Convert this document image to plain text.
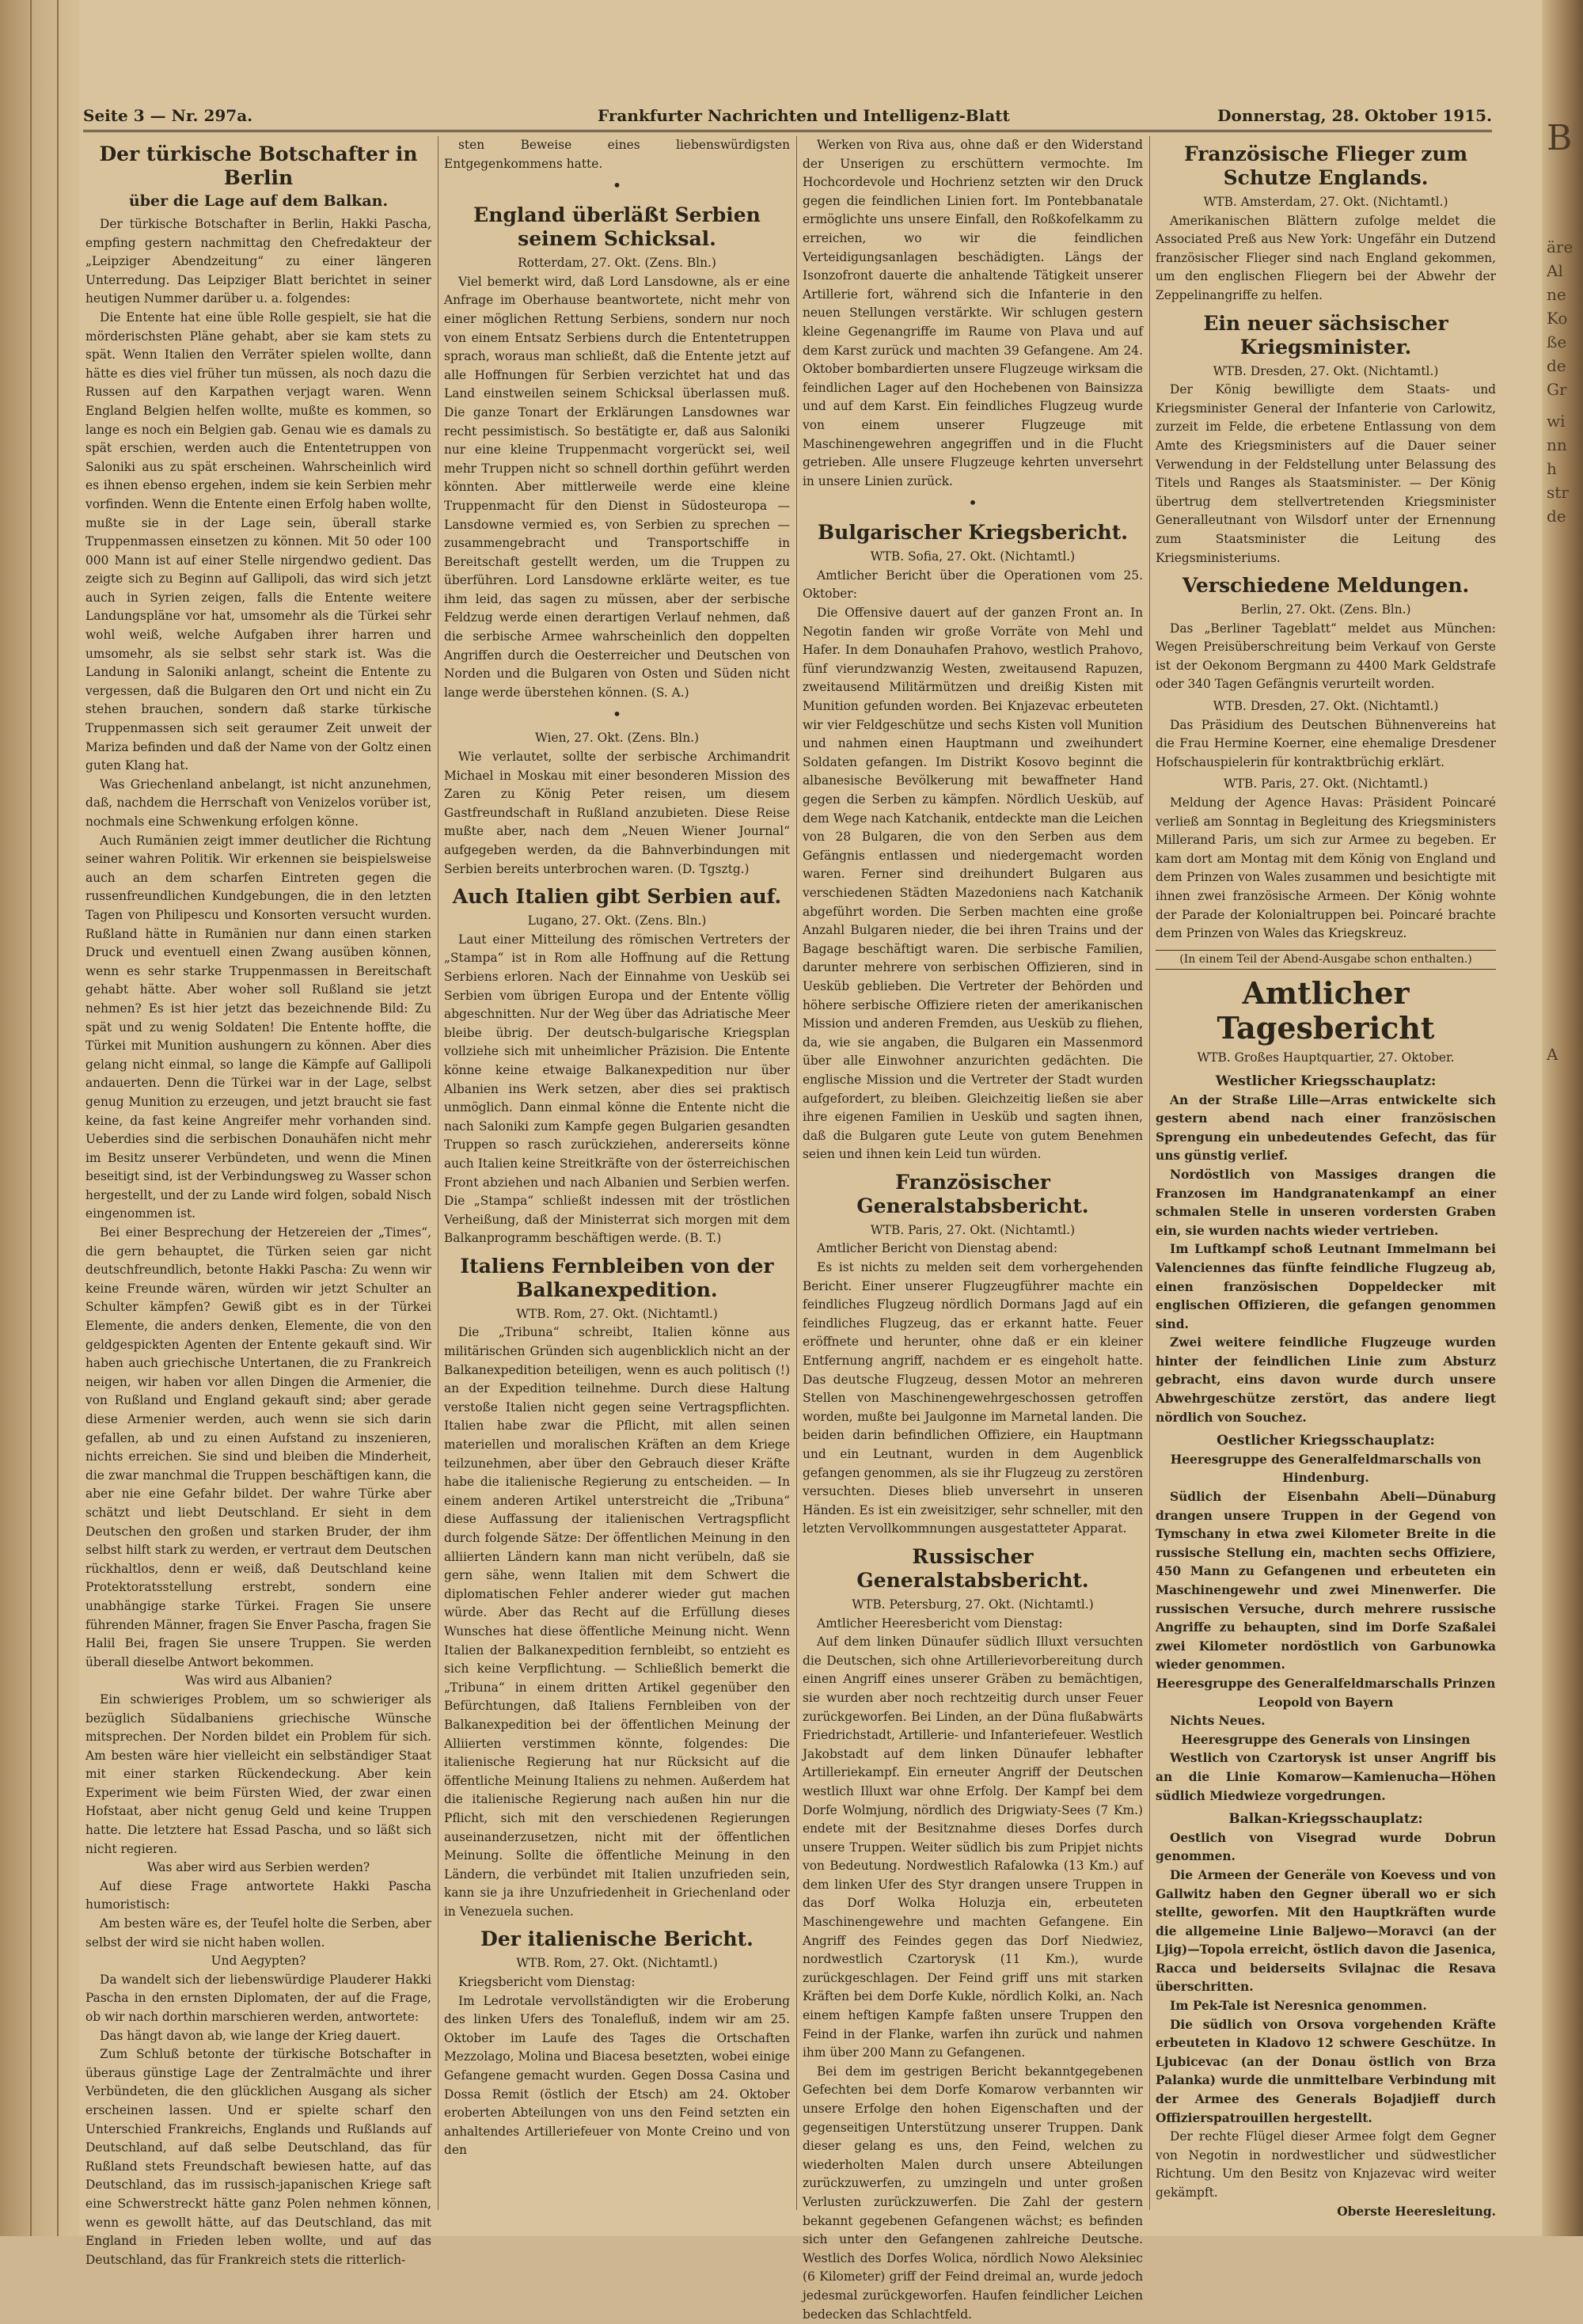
B
äre
Al
ne
Ko
ße
de
Gr
wi
nn
h
str
de
A
Seite 3 — Nr. 297a.	Frankfurter Nachrichten und Intelligenz-Blatt	Donnerstag, 28. Oktober 1915.
Der türkische Botschafter in Berlin
über die Lage auf dem Balkan.

Der türkische Botschafter in Berlin, Hakki Pascha, empfing gestern nachmittag den Chefredakteur der „Leipziger Abendzeitung“ zu einer längeren Unterredung. Das Leipziger Blatt berichtet in seiner heutigen Nummer darüber u. a. folgendes:

Die Entente hat eine üble Rolle gespielt, sie hat die mörderischsten Pläne gehabt, aber sie kam stets zu spät. Wenn Italien den Verräter spielen wollte, dann hätte es dies viel früher tun müssen, als noch dazu die Russen auf den Karpathen verjagt waren. Wenn England Belgien helfen wollte, mußte es kommen, so lange es noch ein Belgien gab. Genau wie es damals zu spät erschien, werden auch die Ententetruppen von Saloniki aus zu spät erscheinen. Wahrscheinlich wird es ihnen ebenso ergehen, indem sie kein Serbien mehr vorfinden. Wenn die Entente einen Erfolg haben wollte, mußte sie in der Lage sein, überall starke Truppenmassen einsetzen zu können. Mit 50 oder 100 000 Mann ist auf einer Stelle nirgendwo gedient. Das zeigte sich zu Beginn auf Gallipoli, das wird sich jetzt auch in Syrien zeigen, falls die Entente weitere Landungspläne vor hat, umsomehr als die Türkei sehr wohl weiß, welche Aufgaben ihrer harren und umsomehr, als sie selbst sehr stark ist. Was die Landung in Saloniki anlangt, scheint die Entente zu vergessen, daß die Bulgaren den Ort und nicht ein Zu stehen brauchen, sondern daß starke türkische Truppenmassen sich seit geraumer Zeit unweit der Mariza befinden und daß der Name von der Goltz einen guten Klang hat.

Was Griechenland anbelangt, ist nicht anzunehmen, daß, nachdem die Herrschaft von Venizelos vorüber ist, nochmals eine Schwenkung erfolgen könne.

Auch Rumänien zeigt immer deutlicher die Richtung seiner wahren Politik. Wir erkennen sie beispielsweise auch an dem scharfen Eintreten gegen die russenfreundlichen Kundgebungen, die in den letzten Tagen von Philipescu und Konsorten versucht wurden. Rußland hätte in Rumänien nur dann einen starken Druck und eventuell einen Zwang ausüben können, wenn es sehr starke Truppenmassen in Bereitschaft gehabt hätte. Aber woher soll Rußland sie jetzt nehmen? Es ist hier jetzt das bezeichnende Bild: Zu spät und zu wenig Soldaten! Die Entente hoffte, die Türkei mit Munition aushungern zu können. Aber dies gelang nicht einmal, so lange die Kämpfe auf Gallipoli andauerten. Denn die Türkei war in der Lage, selbst genug Munition zu erzeugen, und jetzt braucht sie fast keine, da fast keine Angreifer mehr vorhanden sind. Ueberdies sind die serbischen Donauhäfen nicht mehr im Besitz unserer Verbündeten, und wenn die Minen beseitigt sind, ist der Verbindungsweg zu Wasser schon hergestellt, und der zu Lande wird folgen, sobald Nisch eingenommen ist.

Bei einer Besprechung der Hetzereien der „Times“, die gern behauptet, die Türken seien gar nicht deutschfreundlich, betonte Hakki Pascha: Zu wenn wir keine Freunde wären, würden wir jetzt Schulter an Schulter kämpfen? Gewiß gibt es in der Türkei Elemente, die anders denken, Elemente, die von den geldgespickten Agenten der Entente gekauft sind. Wir haben auch griechische Untertanen, die zu Frankreich neigen, wir haben vor allen Dingen die Armenier, die von Rußland und England gekauft sind; aber gerade diese Armenier werden, auch wenn sie sich darin gefallen, ab und zu einen Aufstand zu inszenieren, nichts erreichen. Sie sind und bleiben die Minderheit, die zwar manchmal die Truppen beschäftigen kann, die aber nie eine Gefahr bildet. Der wahre Türke aber schätzt und liebt Deutschland. Er sieht in dem Deutschen den großen und starken Bruder, der ihm selbst hilft stark zu werden, er vertraut dem Deutschen rückhaltlos, denn er weiß, daß Deutschland keine Protektoratsstellung erstrebt, sondern eine unabhängige starke Türkei. Fragen Sie unsere führenden Männer, fragen Sie Enver Pascha, fragen Sie Halil Bei, fragen Sie unsere Truppen. Sie werden überall dieselbe Antwort bekommen.

Was wird aus Albanien?

Ein schwieriges Problem, um so schwieriger als bezüglich Südalbaniens griechische Wünsche mitsprechen. Der Norden bildet ein Problem für sich. Am besten wäre hier vielleicht ein selbständiger Staat mit einer starken Rückendeckung. Aber kein Experiment wie beim Fürsten Wied, der zwar einen Hofstaat, aber nicht genug Geld und keine Truppen hatte. Die letztere hat Essad Pascha, und so läßt sich nicht regieren.

Was aber wird aus Serbien werden?

Auf diese Frage antwortete Hakki Pascha humoristisch:

Am besten wäre es, der Teufel holte die Serben, aber selbst der wird sie nicht haben wollen.

Und Aegypten?

Da wandelt sich der liebenswürdige Plauderer Hakki Pascha in den ernsten Diplomaten, der auf die Frage, ob wir nach dorthin marschieren werden, antwortete:

Das hängt davon ab, wie lange der Krieg dauert.

Zum Schluß betonte der türkische Botschafter in überaus günstige Lage der Zentralmächte und ihrer Verbündeten, die den glücklichen Ausgang als sicher erscheinen lassen. Und er spielte scharf den Unterschied Frankreichs, Englands und Rußlands auf Deutschland, auf daß selbe Deutschland, das für Rußland stets Freundschaft bewiesen hatte, auf das Deutschland, das im russisch-japanischen Kriege saft eine Schwerstreckt hätte ganz Polen nehmen können, wenn es gewollt hätte, auf das Deutschland, das mit England in Frieden leben wollte, und auf das Deutschland, das für Frankreich stets die ritterlich-

sten Beweise eines liebenswürdigsten Entgegenkommens hatte.

•
England überläßt Serbien seinem Schicksal.

Rotterdam, 27. Okt. (Zens. Bln.)

Viel bemerkt wird, daß Lord Lansdowne, als er eine Anfrage im Oberhause beantwortete, nicht mehr von einer möglichen Rettung Serbiens, sondern nur noch von einem Entsatz Serbiens durch die Ententetruppen sprach, woraus man schließt, daß die Entente jetzt auf alle Hoffnungen für Serbien verzichtet hat und das Land einstweilen seinem Schicksal überlassen muß. Die ganze Tonart der Erklärungen Lansdownes war recht pessimistisch. So bestätigte er, daß aus Saloniki nur eine kleine Truppenmacht vorgerückt sei, weil mehr Truppen nicht so schnell dorthin geführt werden könnten. Aber mittlerweile werde eine kleine Truppenmacht für den Dienst in Südosteuropa — Lansdowne vermied es, von Serbien zu sprechen — zusammengebracht und Transportschiffe in Bereitschaft gestellt werden, um die Truppen zu überführen. Lord Lansdowne erklärte weiter, es tue ihm leid, das sagen zu müssen, aber der serbische Feldzug werde einen derartigen Verlauf nehmen, daß die serbische Armee wahrscheinlich den doppelten Angriffen durch die Oesterreicher und Deutschen von Norden und die Bulgaren von Osten und Süden nicht lange werde überstehen können. (S. A.)

•

Wien, 27. Okt. (Zens. Bln.)

Wie verlautet, sollte der serbische Archimandrit Michael in Moskau mit einer besonderen Mission des Zaren zu König Peter reisen, um diesem Gastfreundschaft in Rußland anzubieten. Diese Reise mußte aber, nach dem „Neuen Wiener Journal“ aufgegeben werden, da die Bahnverbindungen mit Serbien bereits unterbrochen waren. (D. Tgsztg.)

Auch Italien gibt Serbien auf.

Lugano, 27. Okt. (Zens. Bln.)

Laut einer Mitteilung des römischen Vertreters der „Stampa“ ist in Rom alle Hoffnung auf die Rettung Serbiens erloren. Nach der Einnahme von Uesküb sei Serbien vom übrigen Europa und der Entente völlig abgeschnitten. Nur der Weg über das Adriatische Meer bleibe übrig. Der deutsch-bulgarische Kriegsplan vollziehe sich mit unheimlicher Präzision. Die Entente könne keine etwaige Balkanexpedition nur über Albanien ins Werk setzen, aber dies sei praktisch unmöglich. Dann einmal könne die Entente nicht die nach Saloniki zum Kampfe gegen Bulgarien gesandten Truppen so rasch zurückziehen, andererseits könne auch Italien keine Streitkräfte von der österreichischen Front abziehen und nach Albanien und Serbien werfen. Die „Stampa“ schließt indessen mit der tröstlichen Verheißung, daß der Ministerrat sich morgen mit dem Balkanprogramm beschäftigen werde. (B. T.)

Italiens Fernbleiben von der Balkanexpedition.

WTB. Rom, 27. Okt. (Nichtamtl.)

Die „Tribuna“ schreibt, Italien könne aus militärischen Gründen sich augenblicklich nicht an der Balkanexpedition beteiligen, wenn es auch politisch (!) an der Expedition teilnehme. Durch diese Haltung verstoße Italien nicht gegen seine Vertragspflichten. Italien habe zwar die Pflicht, mit allen seinen materiellen und moralischen Kräften an dem Kriege teilzunehmen, aber über den Gebrauch dieser Kräfte habe die italienische Regierung zu entscheiden. — In einem anderen Artikel unterstreicht die „Tribuna“ diese Auffassung der italienischen Vertragspflicht durch folgende Sätze: Der öffentlichen Meinung in den alliierten Ländern kann man nicht verübeln, daß sie gern sähe, wenn Italien mit dem Schwert die diplomatischen Fehler anderer wieder gut machen würde. Aber das Recht auf die Erfüllung dieses Wunsches hat diese öffentliche Meinung nicht. Wenn Italien der Balkanexpedition fernbleibt, so entzieht es sich keine Verpflichtung. — Schließlich bemerkt die „Tribuna“ in einem dritten Artikel gegenüber den Befürchtungen, daß Italiens Fernbleiben von der Balkanexpedition bei der öffentlichen Meinung der Alliierten verstimmen könnte, folgendes: Die italienische Regierung hat nur Rücksicht auf die öffentliche Meinung Italiens zu nehmen. Außerdem hat die italienische Regierung nach außen hin nur die Pflicht, sich mit den verschiedenen Regierungen auseinanderzusetzen, nicht mit der öffentlichen Meinung. Sollte die öffentliche Meinung in den Ländern, die verbündet mit Italien unzufrieden sein, kann sie ja ihre Unzufriedenheit in Griechenland oder in Venezuela suchen.

Der italienische Bericht.

WTB. Rom, 27. Okt. (Nichtamtl.)

Kriegsbericht vom Dienstag:

Im Ledrotale vervollständigten wir die Eroberung des linken Ufers des Tonalefluß, indem wir am 25. Oktober im Laufe des Tages die Ortschaften Mezzolago, Molina und Biacesa besetzten, wobei einige Gefangene gemacht wurden. Gegen Dossa Casina und Dossa Remit (östlich der Etsch) am 24. Oktober eroberten Abteilungen von uns den Feind setzten ein anhaltendes Artilleriefeuer von Monte Creino und von den

Werken von Riva aus, ohne daß er den Widerstand der Unserigen zu erschüttern vermochte. Im Hochcordevole und Hochrienz setzten wir den Druck gegen die feindlichen Linien fort. Im Pontebbanatale ermöglichte uns unsere Einfall, den Roßkofelkamm zu erreichen, wo wir die feindlichen Verteidigungsanlagen beschädigten. Längs der Isonzofront dauerte die anhaltende Tätigkeit unserer Artillerie fort, während sich die Infanterie in den neuen Stellungen verstärkte. Wir schlugen gestern kleine Gegenangriffe im Raume von Plava und auf dem Karst zurück und machten 39 Gefangene. Am 24. Oktober bombardierten unsere Flugzeuge wirksam die feindlichen Lager auf den Hochebenen von Bainsizza und auf dem Karst. Ein feindliches Flugzeug wurde von einem unserer Flugzeuge mit Maschinengewehren angegriffen und in die Flucht getrieben. Alle unsere Flugzeuge kehrten unversehrt in unsere Linien zurück.

•
Bulgarischer Kriegsbericht.

WTB. Sofia, 27. Okt. (Nichtamtl.)

Amtlicher Bericht über die Operationen vom 25. Oktober:

Die Offensive dauert auf der ganzen Front an. In Negotin fanden wir große Vorräte von Mehl und Hafer. In dem Donauhafen Prahovo, westlich Prahovo, fünf vierundzwanzig Westen, zweitausend Rapuzen, zweitausend Militärmützen und dreißig Kisten mit Munition gefunden worden. Bei Knjazevac erbeuteten wir vier Feldgeschütze und sechs Kisten voll Munition und nahmen einen Hauptmann und zweihundert Soldaten gefangen. Im Distrikt Kosovo beginnt die albanesische Bevölkerung mit bewaffneter Hand gegen die Serben zu kämpfen. Nördlich Uesküb, auf dem Wege nach Katchanik, entdeckte man die Leichen von 28 Bulgaren, die von den Serben aus dem Gefängnis entlassen und niedergemacht worden waren. Ferner sind dreihundert Bulgaren aus verschiedenen Städten Mazedoniens nach Katchanik abgeführt worden. Die Serben machten eine große Anzahl Bulgaren nieder, die bei ihren Trains und der Bagage beschäftigt waren. Die serbische Familien, darunter mehrere von serbischen Offizieren, sind in Uesküb geblieben. Die Vertreter der Behörden und höhere serbische Offiziere rieten der amerikanischen Mission und anderen Fremden, aus Uesküb zu fliehen, da, wie sie angaben, die Bulgaren ein Massenmord über alle Einwohner anzurichten gedächten. Die englische Mission und die Vertreter der Stadt wurden aufgefordert, zu bleiben. Gleichzeitig ließen sie aber ihre eigenen Familien in Uesküb und sagten ihnen, daß die Bulgaren gute Leute von gutem Benehmen seien und ihnen kein Leid tun würden.

Französischer Generalstabsbericht.

WTB. Paris, 27. Okt. (Nichtamtl.)

Amtlicher Bericht von Dienstag abend:

Es ist nichts zu melden seit dem vorhergehenden Bericht. Einer unserer Flugzeugführer machte ein feindliches Flugzeug nördlich Dormans Jagd auf ein feindliches Flugzeug, das er erkannt hatte. Feuer eröffnete und herunter, ohne daß er ein kleiner Entfernung angriff, nachdem er es eingeholt hatte. Das deutsche Flugzeug, dessen Motor an mehreren Stellen von Maschinengewehrgeschossen getroffen worden, mußte bei Jaulgonne im Marnetal landen. Die beiden darin befindlichen Offiziere, ein Hauptmann und ein Leutnant, wurden in dem Augenblick gefangen genommen, als sie ihr Flugzeug zu zerstören versuchten. Dieses blieb unversehrt in unseren Händen. Es ist ein zweisitziger, sehr schneller, mit den letzten Vervollkommnungen ausgestatteter Apparat.

Russischer Generalstabsbericht.

WTB. Petersburg, 27. Okt. (Nichtamtl.)

Amtlicher Heeresbericht vom Dienstag:

Auf dem linken Dünaufer südlich Illuxt versuchten die Deutschen, sich ohne Artillerievorbereitung durch einen Angriff eines unserer Gräben zu bemächtigen, sie wurden aber noch rechtzeitig durch unser Feuer zurückgeworfen. Bei Linden, an der Düna flußabwärts Friedrichstadt, Artillerie- und Infanteriefeuer. Westlich Jakobstadt auf dem linken Dünaufer lebhafter Artilleriekampf. Ein erneuter Angriff der Deutschen westlich Illuxt war ohne Erfolg. Der Kampf bei dem Dorfe Wolmjung, nördlich des Drigwiaty-Sees (7 Km.) endete mit der Besitznahme dieses Dorfes durch unsere Truppen. Weiter südlich bis zum Pripjet nichts von Bedeutung. Nordwestlich Rafalowka (13 Km.) auf dem linken Ufer des Styr drangen unsere Truppen in das Dorf Wolka Holuzja ein, erbeuteten Maschinengewehre und machten Gefangene. Ein Angriff des Feindes gegen das Dorf Niedwiez, nordwestlich Czartorysk (11 Km.), wurde zurückgeschlagen. Der Feind griff uns mit starken Kräften bei dem Dorfe Kukle, nördlich Kolki, an. Nach einem heftigen Kampfe faßten unsere Truppen den Feind in der Flanke, warfen ihn zurück und nahmen ihm über 200 Mann zu Gefangenen.

Bei dem im gestrigen Bericht bekanntgegebenen Gefechten bei dem Dorfe Komarow verbannten wir unsere Erfolge den hohen Eigenschaften und der gegenseitigen Unterstützung unserer Truppen. Dank dieser gelang es uns, den Feind, welchen zu wiederholten Malen durch unsere Abteilungen zurückzuwerfen, zu umzingeln und unter großen Verlusten zurückzuwerfen. Die Zahl der gestern bekannt gegebenen Gefangenen wächst; es befinden sich unter den Gefangenen zahlreiche Deutsche. Westlich des Dorfes Wolica, nördlich Nowo Aleksiniec (6 Kilometer) griff der Feind dreimal an, wurde jedoch jedesmal zurückgeworfen. Haufen feindlicher Leichen bedecken das Schlachtfeld.

Französische Flieger zum Schutze Englands.

WTB. Amsterdam, 27. Okt. (Nichtamtl.)

Amerikanischen Blättern zufolge meldet die Associated Preß aus New York: Ungefähr ein Dutzend französischer Flieger sind nach England gekommen, um den englischen Fliegern bei der Abwehr der Zeppelinangriffe zu helfen.

Ein neuer sächsischer Kriegsminister.

WTB. Dresden, 27. Okt. (Nichtamtl.)

Der König bewilligte dem Staats- und Kriegsminister General der Infanterie von Carlowitz, zurzeit im Felde, die erbetene Entlassung von dem Amte des Kriegsministers auf die Dauer seiner Verwendung in der Feldstellung unter Belassung des Titels und Ranges als Staatsminister. — Der König übertrug dem stellvertretenden Kriegsminister Generalleutnant von Wilsdorf unter der Ernennung zum Staatsminister die Leitung des Kriegsministeriums.

Verschiedene Meldungen.

Berlin, 27. Okt. (Zens. Bln.)

Das „Berliner Tageblatt“ meldet aus München: Wegen Preisüberschreitung beim Verkauf von Gerste ist der Oekonom Bergmann zu 4400 Mark Geldstrafe oder 340 Tagen Gefängnis verurteilt worden.

WTB. Dresden, 27. Okt. (Nichtamtl.)

Das Präsidium des Deutschen Bühnenvereins hat die Frau Hermine Koerner, eine ehemalige Dresdener Hofschauspielerin für kontraktbrüchig erklärt.

WTB. Paris, 27. Okt. (Nichtamtl.)

Meldung der Agence Havas: Präsident Poincaré verließ am Sonntag in Begleitung des Kriegsministers Millerand Paris, um sich zur Armee zu begeben. Er kam dort am Montag mit dem König von England und dem Prinzen von Wales zusammen und besichtigte mit ihnen zwei französische Armeen. Der König wohnte der Parade der Kolonialtruppen bei. Poincaré brachte dem Prinzen von Wales das Kriegskreuz.

(In einem Teil der Abend-Ausgabe schon enthalten.)

Amtlicher Tagesbericht

WTB. Großes Hauptquartier, 27. Oktober.

Westlicher Kriegsschauplatz:

An der Straße Lille—Arras entwickelte sich gestern abend nach einer französischen Sprengung ein unbedeutendes Gefecht, das für uns günstig verlief.

Nordöstlich von Massiges drangen die Franzosen im Handgranatenkampf an einer schmalen Stelle in unseren vordersten Graben ein, sie wurden nachts wieder vertrieben.

Im Luftkampf schoß Leutnant Immelmann bei Valenciennes das fünfte feindliche Flugzeug ab, einen französischen Doppeldecker mit englischen Offizieren, die gefangen genommen sind.

Zwei weitere feindliche Flugzeuge wurden hinter der feindlichen Linie zum Absturz gebracht, eins davon wurde durch unsere Abwehrgeschütze zerstört, das andere liegt nördlich von Souchez.

Oestlicher Kriegsschauplatz:

Heeresgruppe des Generalfeldmarschalls von Hindenburg.

Südlich der Eisenbahn Abeli—Dünaburg drangen unsere Truppen in der Gegend von Tymschany in etwa zwei Kilometer Breite in die russische Stellung ein, machten sechs Offiziere, 450 Mann zu Gefangenen und erbeuteten ein Maschinengewehr und zwei Minenwerfer. Die russischen Versuche, durch mehrere russische Angriffe zu behaupten, sind im Dorfe Szaßalei zwei Kilometer nordöstlich von Garbunowka wieder genommen.

Heeresgruppe des Generalfeldmarschalls Prinzen Leopold von Bayern

Nichts Neues.

Heeresgruppe des Generals von Linsingen

Westlich von Czartorysk ist unser Angriff bis an die Linie Komarow—Kamienucha—Höhen südlich Miedwieze vorgedrungen.

Balkan-Kriegsschauplatz:

Oestlich von Visegrad wurde Dobrun genommen.

Die Armeen der Generäle von Koevess und von Gallwitz haben den Gegner überall wo er sich stellte, geworfen. Mit den Hauptkräften wurde die allgemeine Linie Baljewo—Moravci (an der Ljig)—Topola erreicht, östlich davon die Jasenica, Racca und beiderseits Svilajnac die Resava überschritten.

Im Pek-Tale ist Neresnica genommen.

Die südlich von Orsova vorgehenden Kräfte erbeuteten in Kladovo 12 schwere Geschütze. In Ljubicevac (an der Donau östlich von Brza Palanka) wurde die unmittelbare Verbindung mit der Armee des Generals Bojadjieff durch Offizierspatrouillen hergestellt.

Der rechte Flügel dieser Armee folgt dem Gegner von Negotin in nordwestlicher und südwestlicher Richtung. Um den Besitz von Knjazevac wird weiter gekämpft.

Oberste Heeresleitung.
